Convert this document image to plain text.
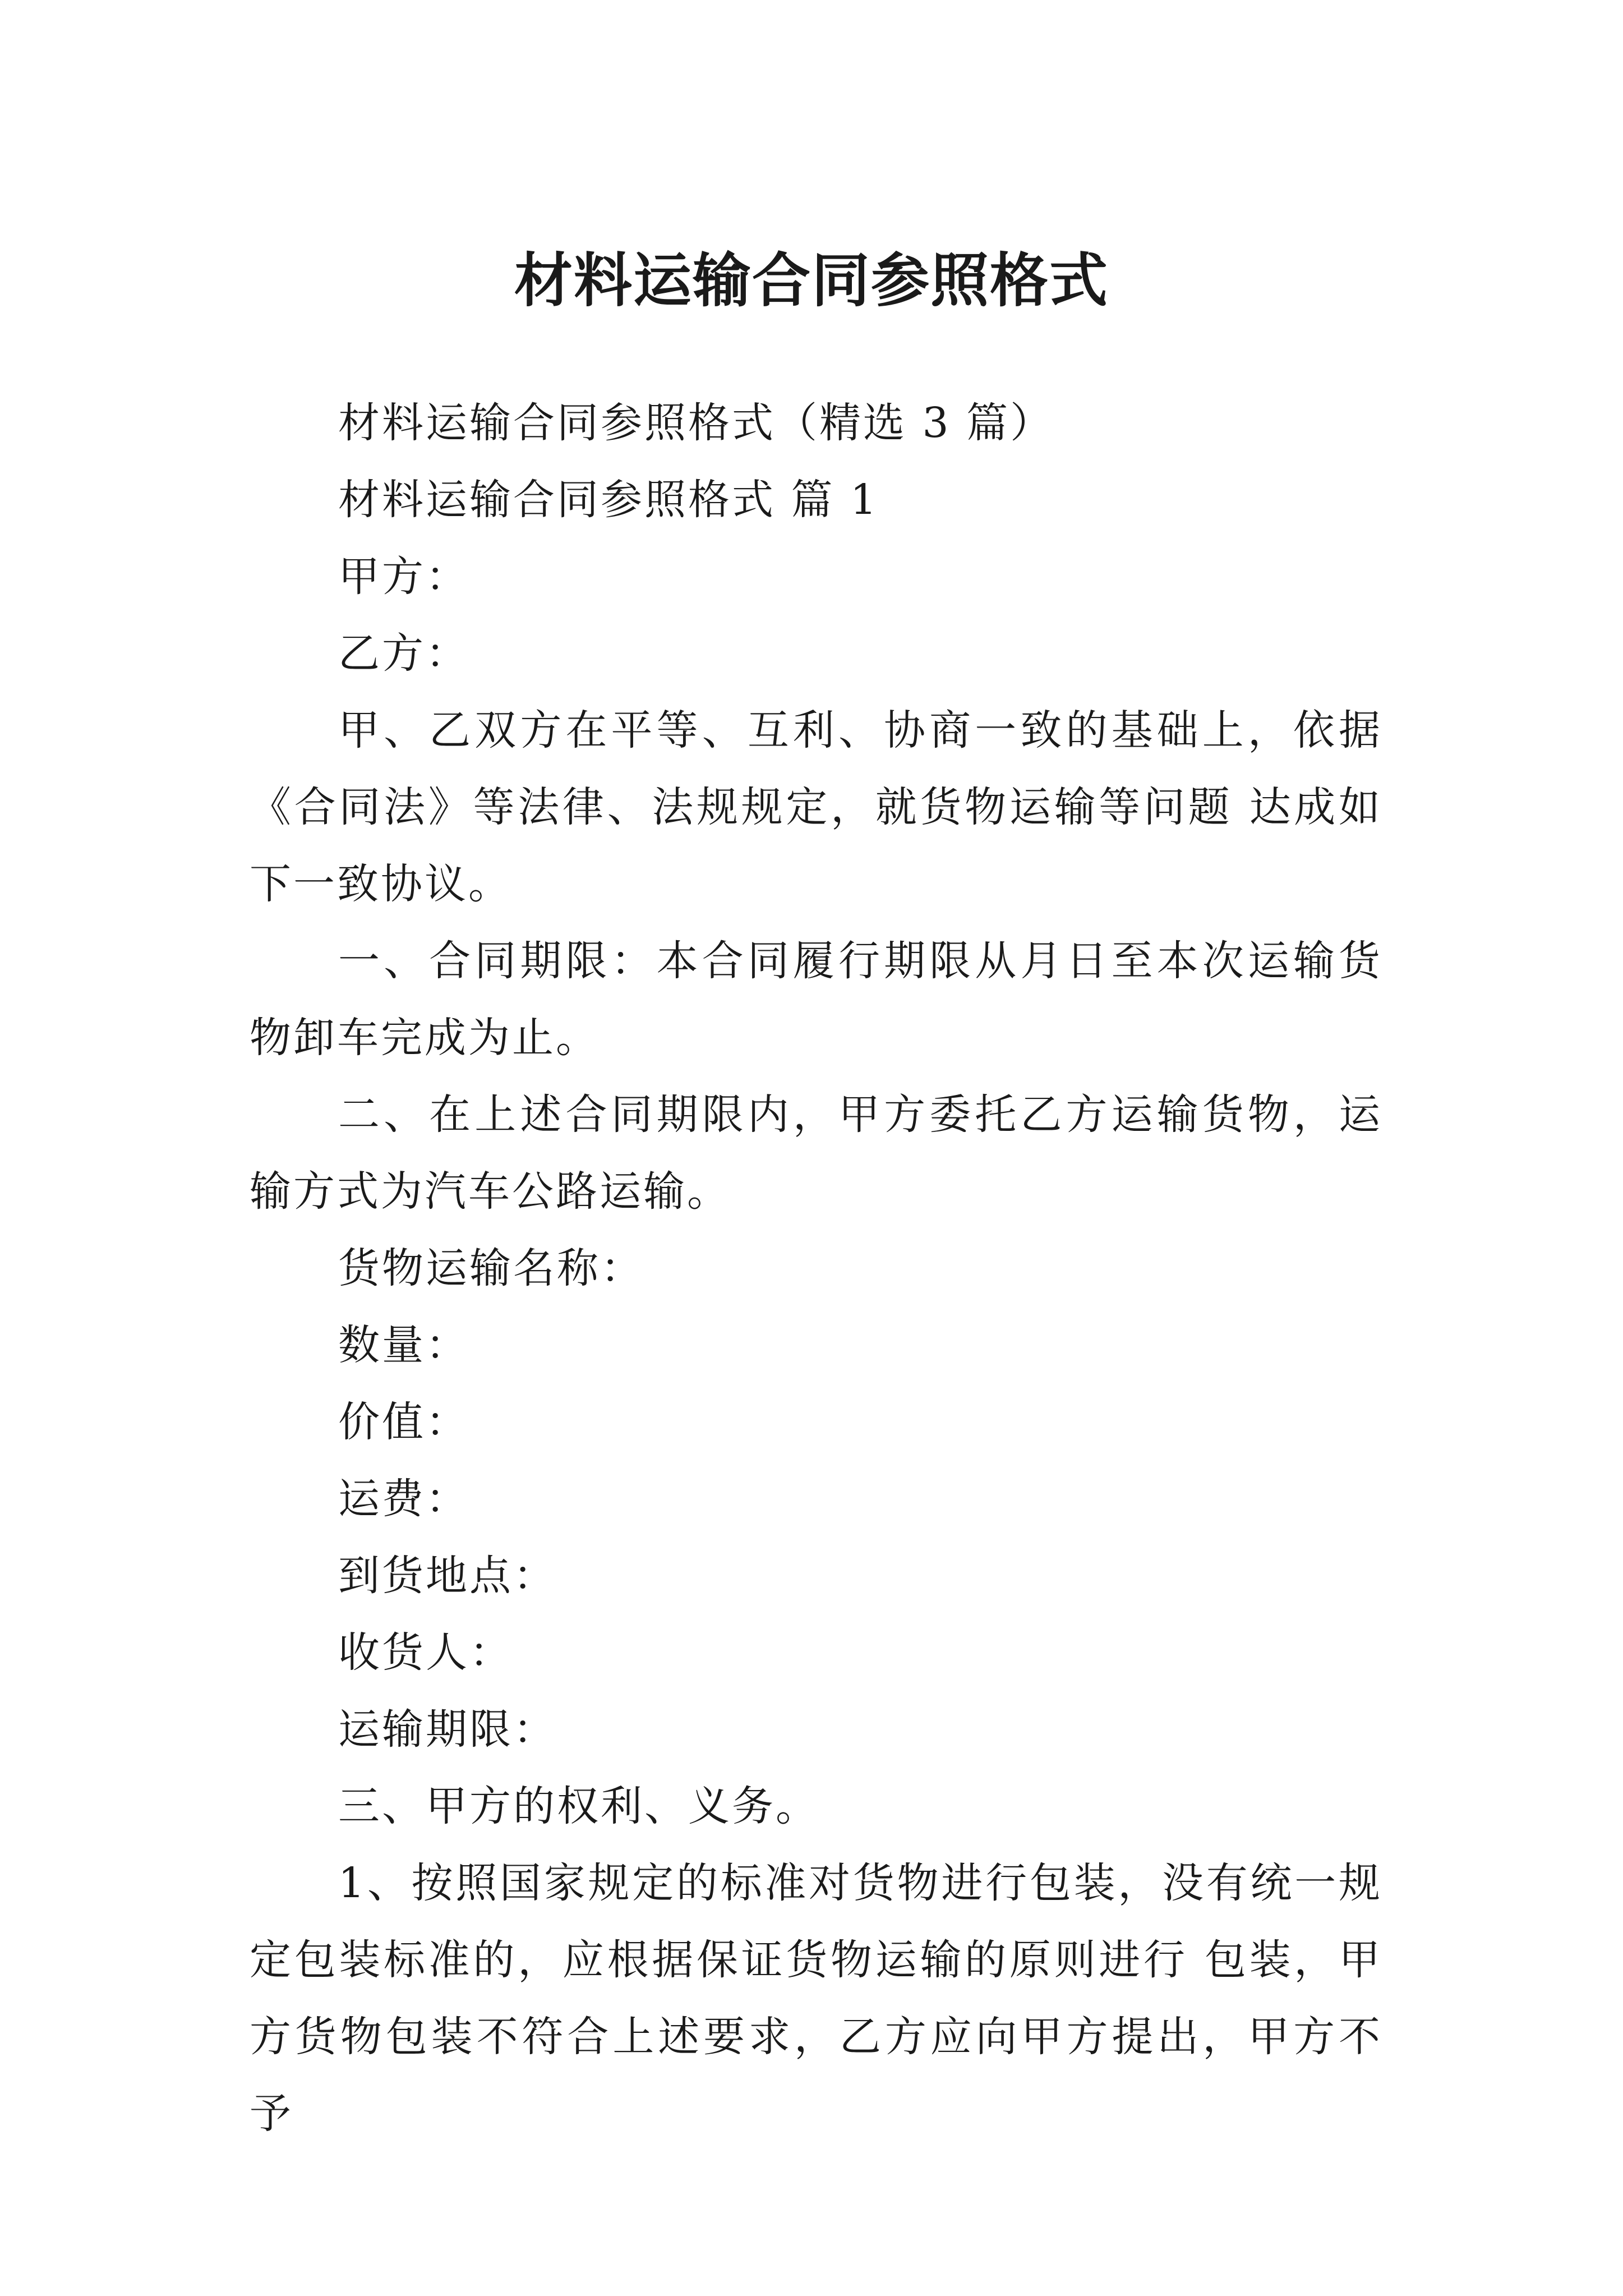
材料运输合同参照格式

材料运输合同参照格式（精选 3 篇）

材料运输合同参照格式 篇 1

甲方：

乙方：

甲、乙双方在平等、互利、协商一致的基础上，依据《合同法》等法律、法规规定，就货物运输等问题 达成如下一致协议。

一、合同期限：本合同履行期限从月日至本次运输货物卸车完成为止。

二、在上述合同期限内，甲方委托乙方运输货物，运输方式为汽车公路运输。

货物运输名称：

数量：

价值：

运费：

到货地点：

收货人：

运输期限：

三、甲方的权利、义务。

1、按照国家规定的标准对货物进行包装，没有统一规定包装标准的，应根据保证货物运输的原则进行 包装，甲方货物包装不符合上述要求，乙方应向甲方提出，甲方不予
